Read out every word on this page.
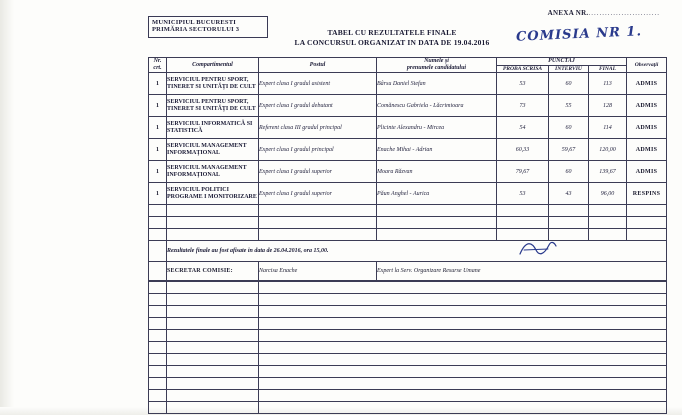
ANEXA NR...........................
MUNICIPIUL BUCURESTI
PRIMĂRIA SECTORULUI 3	TABEL CU REZULTATELE FINALE
LA CONCURSUL ORGANIZAT IN DATA DE 19.04.2016	COMISIA NR 1.
Nr.
crt.
	Compartimentul	Postul	
Numele şi
prenumele candidatului
	PUNCTAJ	Observaţii
				PROBA SCRISĂ	INTERVIU	FINAL	
1	SERVICIUL PENTRU SPORT, TINERET SI UNITĂŢI DE CULT	Expert clasa I gradul asistent	Bârsu Daniel Stefan	53	60	113	ADMIS
1	SERVICIUL PENTRU SPORT, TINERET SI UNITĂŢI DE CULT	Expert clasa I gradul debutant	Comănescu Gabriela - Lăcrimioara	73	55	128	ADMIS
1	SERVICIUL INFORMATICĂ SI STATISTICĂ	Referent clasa III gradul principal	Plicinte Alexandru - Mircea	54	60	114	ADMIS
1	SERVICIUL MANAGEMENT INFORMAŢIONAL	Expert clasa I gradul principal	Enache Mihai - Adrian	60,33	59,67	120,00	ADMIS
1	SERVICIUL MANAGEMENT INFORMAŢIONAL	Expert clasa I gradul superior	Moara Răzvan	79,67	60	139,67	ADMIS
1	SERVICIUL POLITICI PROGRAME I MONITORIZARE	Expert clasa I gradul superior	Păun Anghel - Aurica	53	43	96,00	RESPINS

	Rezultatele finale au fost afisate in data de 26.04.2016, ora 15,00.						
	SECRETAR COMISIE:	Narcisa Enache	Expert la Serv. Organizare Resurse Umane				
